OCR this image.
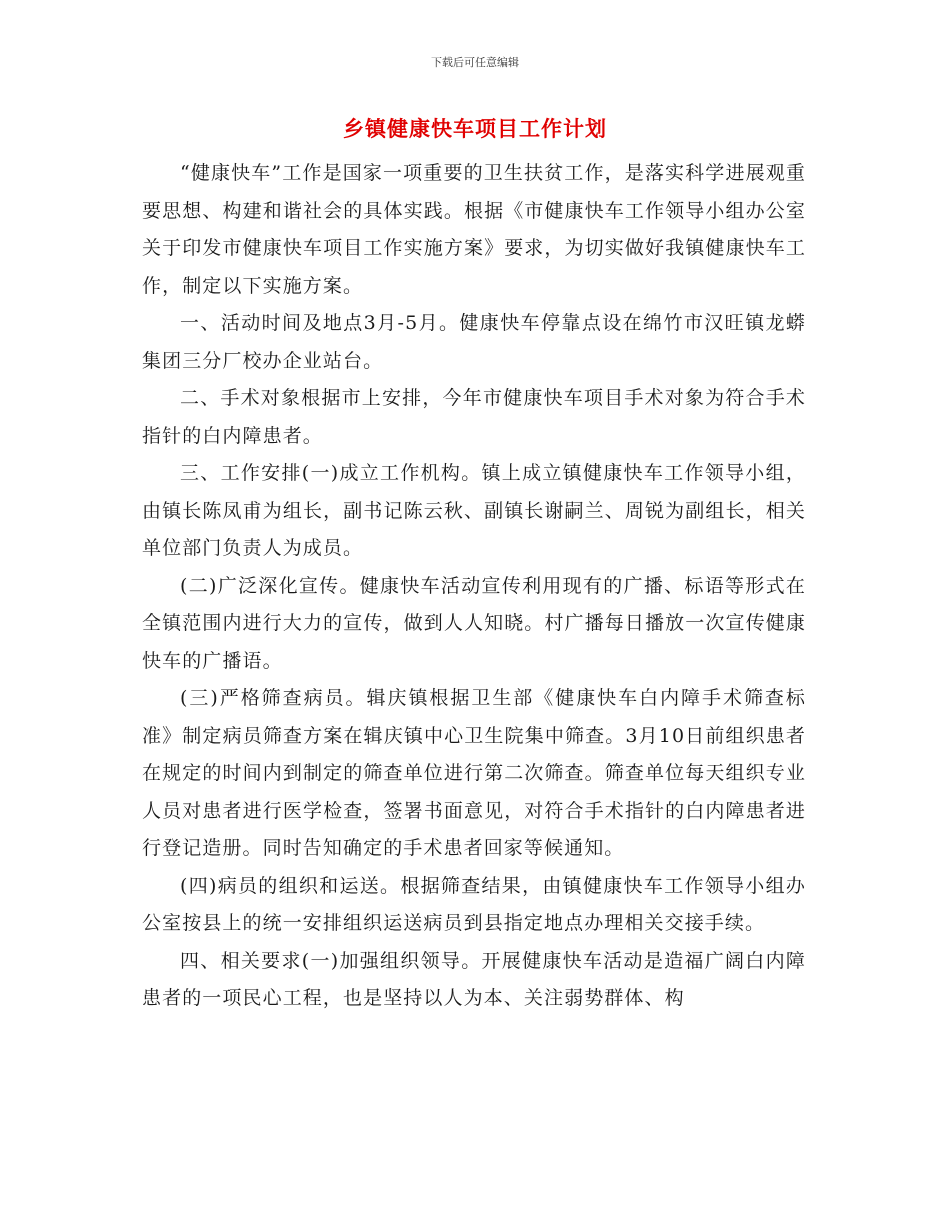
下载后可任意编辑
乡镇健康快车项目工作计划

“健康快车”工作是国家一项重要的卫生扶贫工作，是落实科学进展观重要思想、构建和谐社会的具体实践。根据《市健康快车工作领导小组办公室关于印发市健康快车项目工作实施方案》要求，为切实做好我镇健康快车工作，制定以下实施方案。

一、活动时间及地点3月-5月。健康快车停靠点设在绵竹市汉旺镇龙蟒集团三分厂校办企业站台。

二、手术对象根据市上安排，今年市健康快车项目手术对象为符合手术指针的白内障患者。

三、工作安排(一)成立工作机构。镇上成立镇健康快车工作领导小组，由镇长陈凤甫为组长，副书记陈云秋、副镇长谢嗣兰、周锐为副组长，相关单位部门负责人为成员。

(二)广泛深化宣传。健康快车活动宣传利用现有的广播、标语等形式在全镇范围内进行大力的宣传，做到人人知晓。村广播每日播放一次宣传健康快车的广播语。

(三)严格筛查病员。辑庆镇根据卫生部《健康快车白内障手术筛查标准》制定病员筛查方案在辑庆镇中心卫生院集中筛查。3月10日前组织患者在规定的时间内到制定的筛查单位进行第二次筛查。筛查单位每天组织专业人员对患者进行医学检查，签署书面意见，对符合手术指针的白内障患者进行登记造册。同时告知确定的手术患者回家等候通知。

(四)病员的组织和运送。根据筛查结果，由镇健康快车工作领导小组办公室按县上的统一安排组织运送病员到县指定地点办理相关交接手续。

四、相关要求(一)加强组织领导。开展健康快车活动是造福广阔白内障患者的一项民心工程，也是坚持以人为本、关注弱势群体、构
